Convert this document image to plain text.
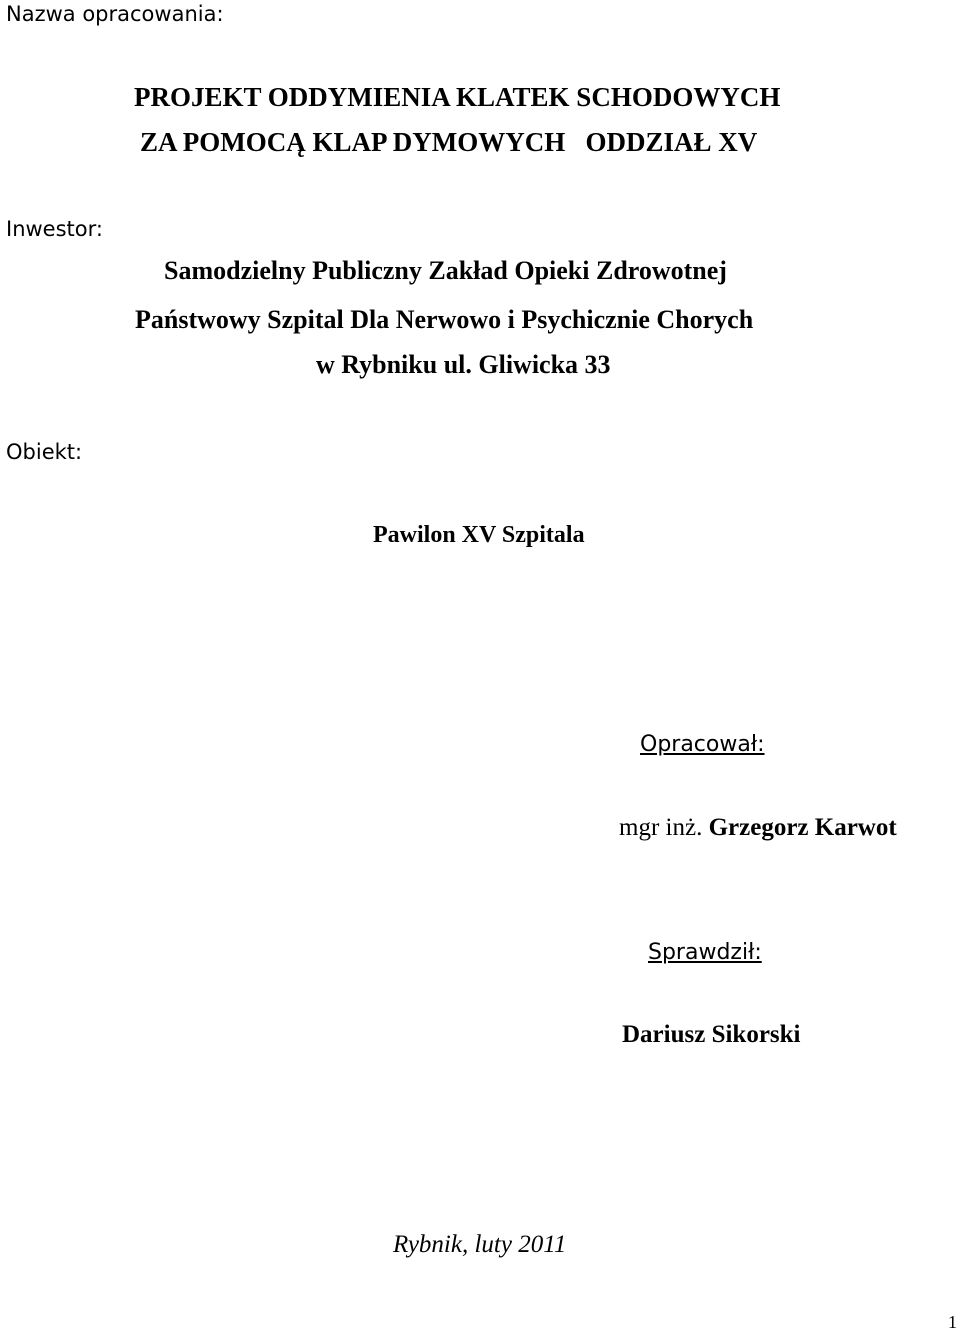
Nazwa opracowania:
PROJEKT ODDYMIENIA KLATEK SCHODOWYCH
ZA POMOCĄ KLAP DYMOWYCH   ODDZIAŁ XV
Inwestor:
Samodzielny Publiczny Zakład Opieki Zdrowotnej
Państwowy Szpital Dla Nerwowo i Psychicznie Chorych
w Rybniku ul. Gliwicka 33
Obiekt:
Pawilon XV Szpitala
Opracował:
mgr inż. Grzegorz Karwot
Sprawdził:
Dariusz Sikorski
Rybnik, luty 2011
1
